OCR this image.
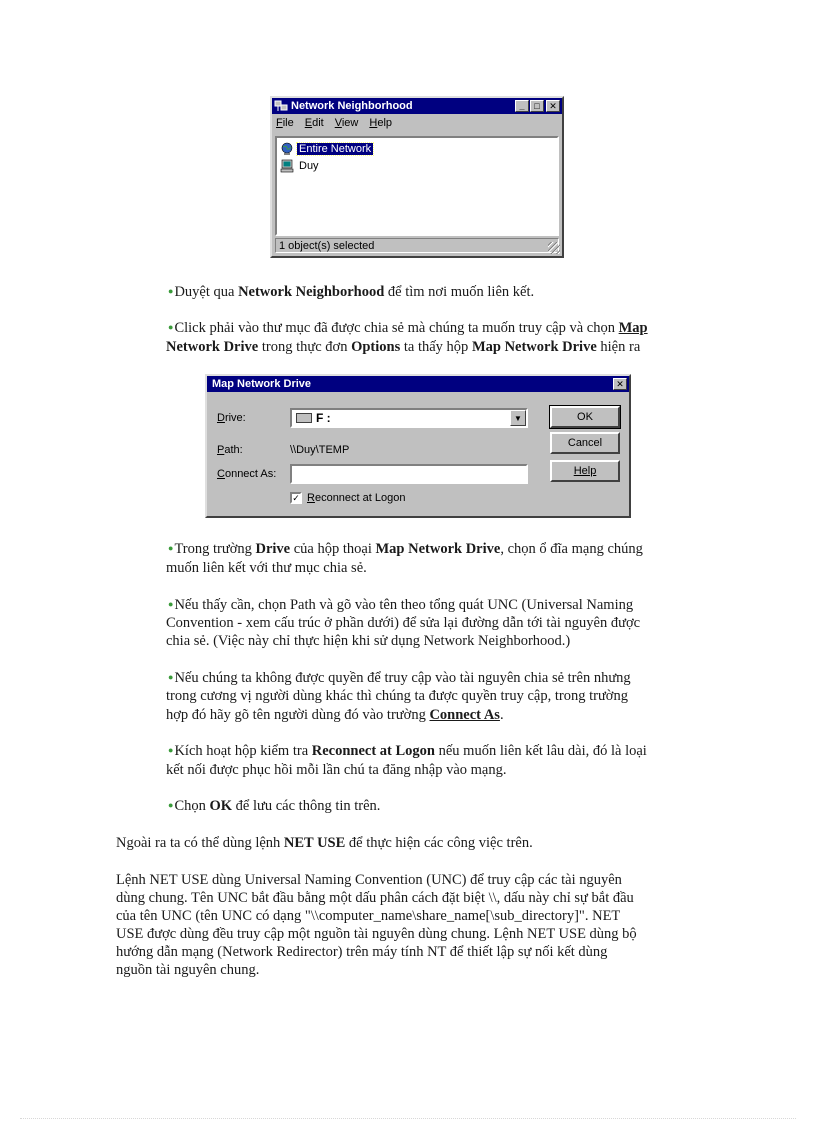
Network Neighborhood	_ □ ✕
File Edit View Help
Entire Network
Duy
1 object(s) selected
●Duyệt qua Network Neighborhood để tìm nơi muốn liên kết.
●Click phải vào thư mục đã được chia sẻ mà chúng ta muốn truy cập và chọn Map
Network Drive trong thực đơn Options ta thấy hộp Map Network Drive hiện ra
Map Network Drive	✕
Drive:	F :	▼
Path:	\\Duy\TEMP
Connect As:
✓ Reconnect at Logon
OK
Cancel
Help
●Trong trường Drive của hộp thoại Map Network Drive, chọn ổ đĩa mạng chúng
muốn liên kết với thư mục chia sẻ.
●Nếu thấy cần, chọn Path và gõ vào tên theo tổng quát UNC (Universal Naming
Convention - xem cấu trúc ở phần dưới) để sửa lại đường dẫn tới tài nguyên được
chia sẻ. (Việc này chỉ thực hiện khi sử dụng Network Neighborhood.)
●Nếu chúng ta không được quyền để truy cập vào tài nguyên chia sẻ trên nhưng
trong cương vị người dùng khác thì chúng ta được quyền truy cập, trong trường
hợp đó hãy gõ tên người dùng đó vào trường Connect As.
●Kích hoạt hộp kiểm tra Reconnect at Logon nếu muốn liên kết lâu dài, đó là loại
kết nối được phục hồi mỗi lần chú ta đăng nhập vào mạng.
●Chọn OK để lưu các thông tin trên.
Ngoài ra ta có thể dùng lệnh NET USE để thực hiện các công việc trên.
Lệnh NET USE dùng Universal Naming Convention (UNC) để truy cập các tài nguyên
dùng chung. Tên UNC bắt đầu bằng một dấu phân cách đặt biệt \\, dấu này chỉ sự bắt đầu
của tên UNC (tên UNC có dạng "\\computer_name\share_name[\sub_directory]". NET
USE được dùng đều truy cập một nguồn tài nguyên dùng chung. Lệnh NET USE dùng bộ
hướng dẫn mạng (Network Redirector) trên máy tính NT để thiết lập sự nối kết dùng
nguồn tài nguyên chung.
